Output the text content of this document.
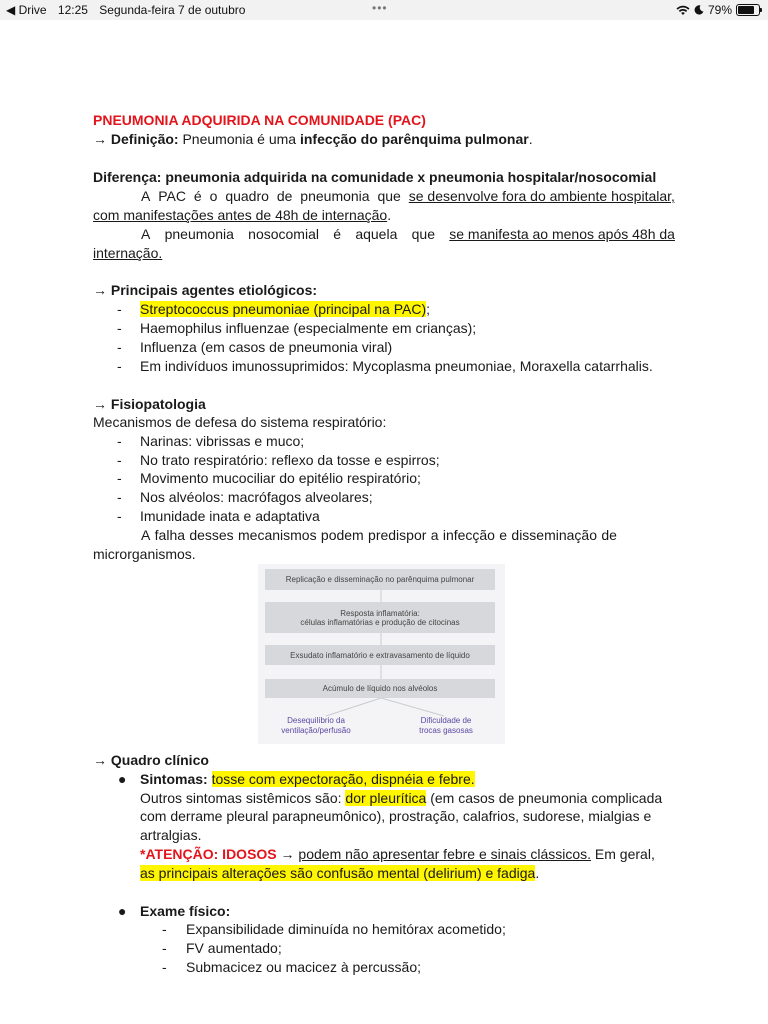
◀ Drive 12:25 Segunda-feira 7 de outubro	•••	79%
PNEUMONIA ADQUIRIDA NA COMUNIDADE (PAC)
→ Definição: Pneumonia é uma infecção do parênquima pulmonar.
Diferença: pneumonia adquirida na comunidade x pneumonia hospitalar/nosocomial
A PAC é o quadro de pneumonia que se desenvolve fora do ambiente hospitalar,
com manifestações antes de 48h de internação.
A pneumonia nosocomial é aquela que se manifesta ao menos após 48h da
internação.
→ Principais agentes etiológicos:
- Streptococcus pneumoniae (principal na PAC);
- Haemophilus influenzae (especialmente em crianças);
- Influenza (em casos de pneumonia viral)
- Em indivíduos imunossuprimidos: Mycoplasma pneumoniae, Moraxella catarrhalis.
→ Fisiopatologia
Mecanismos de defesa do sistema respiratório:
- Narinas: vibrissas e muco;
- No trato respiratório: reflexo da tosse e espirros;
- Movimento mucociliar do epitélio respiratório;
- Nos alvéolos: macrófagos alveolares;
- Imunidade inata e adaptativa
A falha desses mecanismos podem predispor a infecção e disseminação de
microrganismos.
Replicação e disseminação no parênquima pulmonar
Resposta inflamatória:
células inflamatórias e produção de citocinas
Exsudato inflamatório e extravasamento de líquido
Acúmulo de líquido nos alvéolos
Desequilíbrio da
ventilação/perfusão
Dificuldade de
trocas gasosas
→ Quadro clínico
● Sintomas: tosse com expectoração, dispnéia e febre.
Outros sintomas sistêmicos são: dor pleurítica (em casos de pneumonia complicada
com derrame pleural parapneumônico), prostração, calafrios, sudorese, mialgias e
artralgias.
*ATENÇÃO: IDOSOS → podem não apresentar febre e sinais clássicos. Em geral,
as principais alterações são confusão mental (delirium) e fadiga.
● Exame físico:
- Expansibilidade diminuída no hemitórax acometido;
- FV aumentado;
- Submacicez ou macicez à percussão;
